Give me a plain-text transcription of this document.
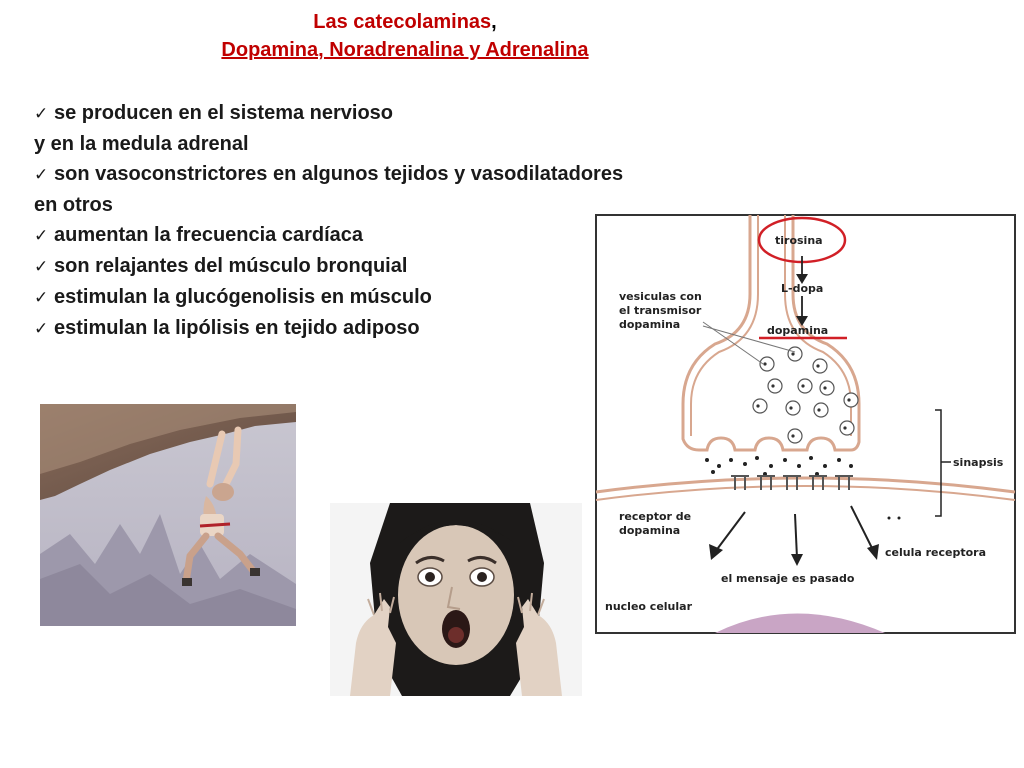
Las catecolaminas,
Dopamina, Noradrenalina y Adrenalina
✓ se producen en el sistema nervioso
y en la medula adrenal
✓ son vasoconstrictores en algunos tejidos y vasodilatadores
en otros
✓ aumentan la frecuencia cardíaca
✓ son relajantes del músculo bronquial
✓ estimulan la glucógenolisis en músculo
✓ estimulan la lipólisis en tejido adiposo
tirosina
L-dopa
dopamina
vesiculas con
el transmisor
dopamina
sinapsis
receptor de
dopamina
celula receptora
el mensaje es pasado
nucleo celular
